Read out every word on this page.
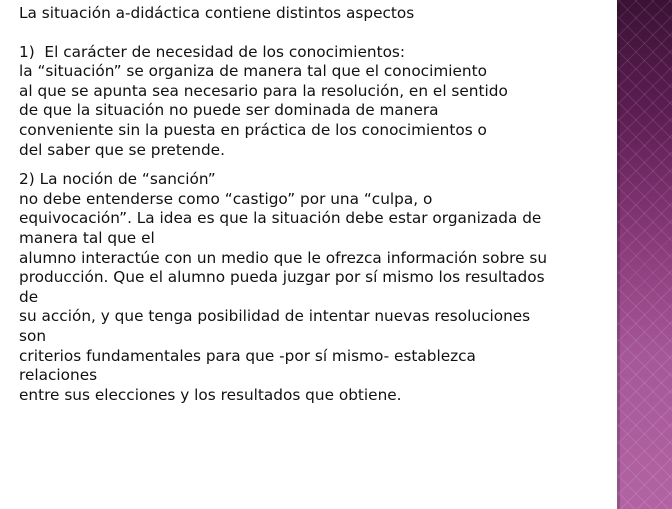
La situación a-didáctica contiene distintos aspectos
1)  El carácter de necesidad de los conocimientos:
la “situación” se organiza de manera tal que el conocimiento
al que se apunta sea necesario para la resolución, en el sentido
de que la situación no puede ser dominada de manera
conveniente sin la puesta en práctica de los conocimientos o
del saber que se pretende.
2) La noción de “sanción”
no debe entenderse como “castigo” por una “culpa, o
equivocación”. La idea es que la situación debe estar organizada de
manera tal que el
alumno interactúe con un medio que le ofrezca información sobre su
producción. Que el alumno pueda juzgar por sí mismo los resultados
de
su acción, y que tenga posibilidad de intentar nuevas resoluciones
son
criterios fundamentales para que -por sí mismo- establezca
relaciones
entre sus elecciones y los resultados que obtiene.
